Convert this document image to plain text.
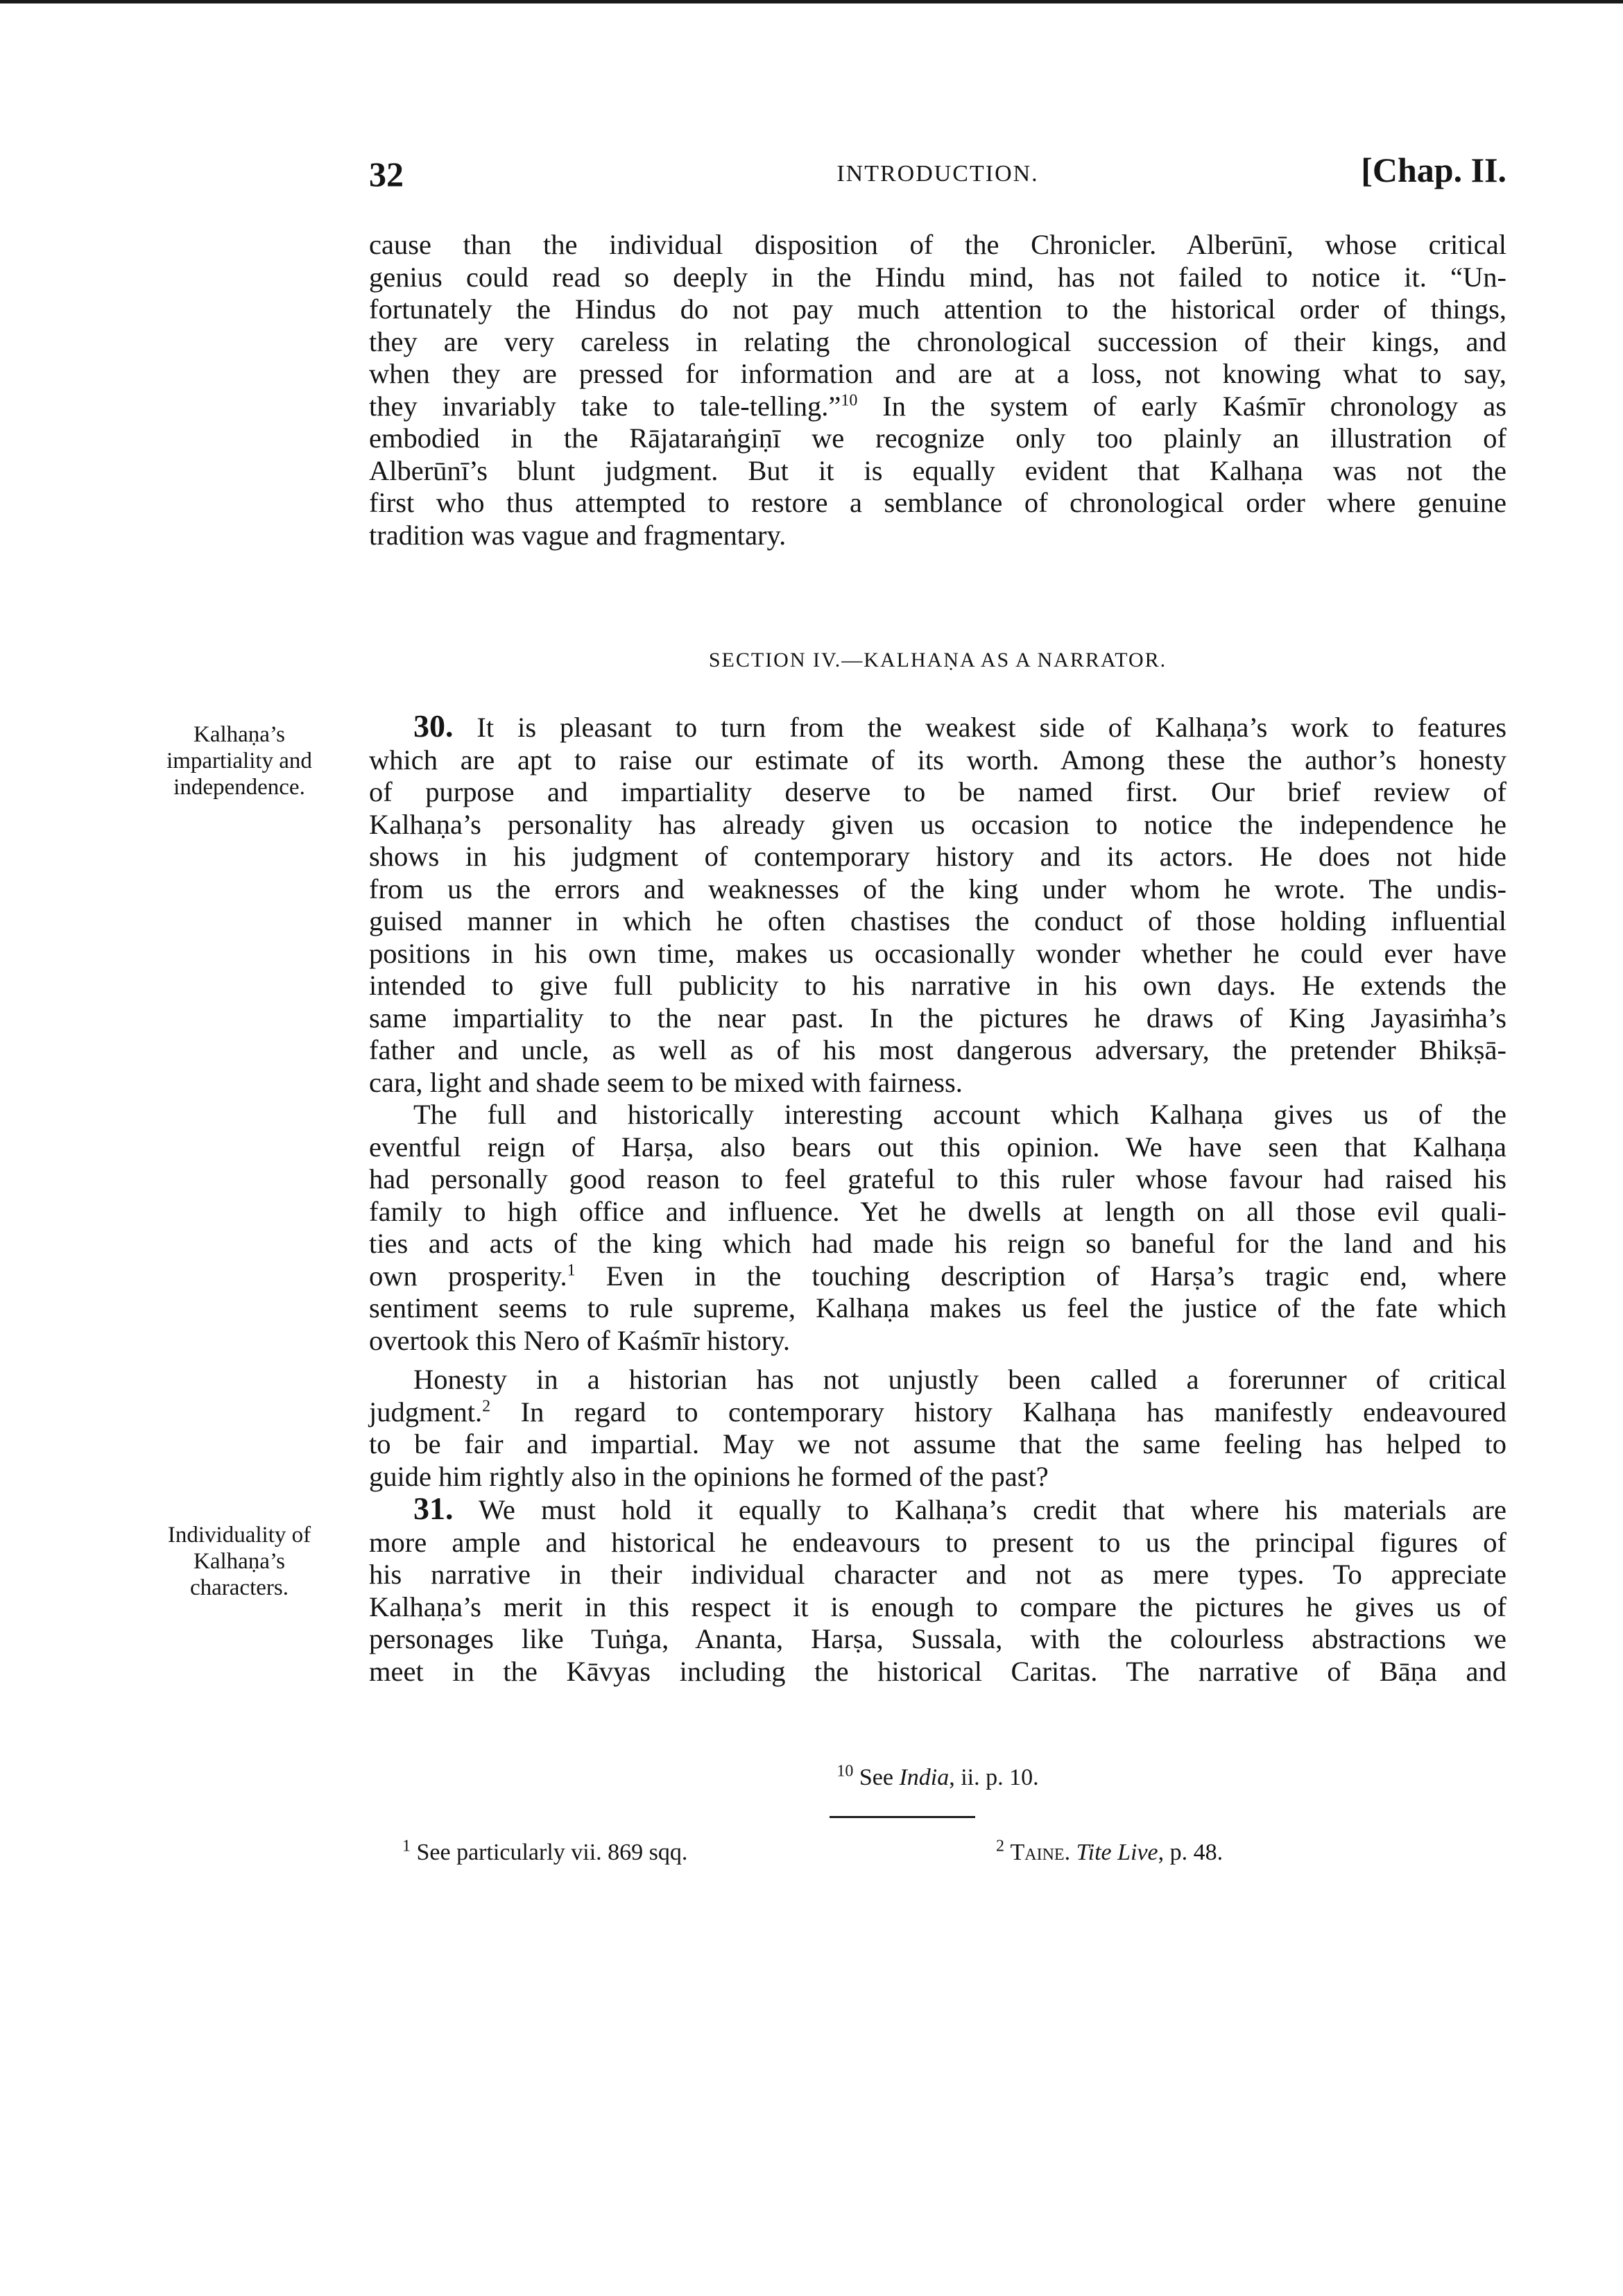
32	INTRODUCTION.	[Chap. II.
cause than the individual disposition of the Chronicler. Alberūnī, whose critical
genius could read so deeply in the Hindu mind, has not failed to notice it. “Un-
fortunately the Hindus do not pay much attention to the historical order of things,
they are very careless in relating the chronological succession of their kings, and
when they are pressed for information and are at a loss, not knowing what to say,
they invariably take to tale-telling.”$^{10}$ In the system of early Kaśmīr chronology as
embodied in the Rājataraṅgiṇī we recognize only too plainly an illustration of
Alberūnī’s blunt judgment. But it is equally evident that Kalhaṇa was not the
first who thus attempted to restore a semblance of chronological order where genuine
tradition was vague and fragmentary.
SECTION IV.—KALHAṆA AS A NARRATOR.
Kalhaṇa’s
impartiality and
independence.
30. It is pleasant to turn from the weakest side of Kalhaṇa’s work to features
which are apt to raise our estimate of its worth. Among these the author’s honesty
of purpose and impartiality deserve to be named first. Our brief review of
Kalhaṇa’s personality has already given us occasion to notice the independence he
shows in his judgment of contemporary history and its actors. He does not hide
from us the errors and weaknesses of the king under whom he wrote. The undis-
guised manner in which he often chastises the conduct of those holding influential
positions in his own time, makes us occasionally wonder whether he could ever have
intended to give full publicity to his narrative in his own days. He extends the
same impartiality to the near past. In the pictures he draws of King Jayasiṁha’s
father and uncle, as well as of his most dangerous adversary, the pretender Bhikṣā-
cara, light and shade seem to be mixed with fairness.
The full and historically interesting account which Kalhaṇa gives us of the
eventful reign of Harṣa, also bears out this opinion. We have seen that Kalhaṇa
had personally good reason to feel grateful to this ruler whose favour had raised his
family to high office and influence. Yet he dwells at length on all those evil quali-
ties and acts of the king which had made his reign so baneful for the land and his
own prosperity.$^1$ Even in the touching description of Harṣa’s tragic end, where
sentiment seems to rule supreme, Kalhaṇa makes us feel the justice of the fate which
overtook this Nero of Kaśmīr history.
Honesty in a historian has not unjustly been called a forerunner of critical
judgment.$^2$ In regard to contemporary history Kalhaṇa has manifestly endeavoured
to be fair and impartial. May we not assume that the same feeling has helped to
guide him rightly also in the opinions he formed of the past?
31. We must hold it equally to Kalhaṇa’s credit that where his materials are
more ample and historical he endeavours to present to us the principal figures of
his narrative in their individual character and not as mere types. To appreciate
Kalhaṇa’s merit in this respect it is enough to compare the pictures he gives us of
personages like Tuṅga, Ananta, Harṣa, Sussala, with the colourless abstractions we
meet in the Kāvyas including the historical Caritas. The narrative of Bāṇa and
Individuality of
Kalhaṇa’s
characters.
$^{10}$ See India, ii. p. 10.
$^1$ See particularly vii. 869 sqq.	$^2$ Taine. Tite Live, p. 48.
